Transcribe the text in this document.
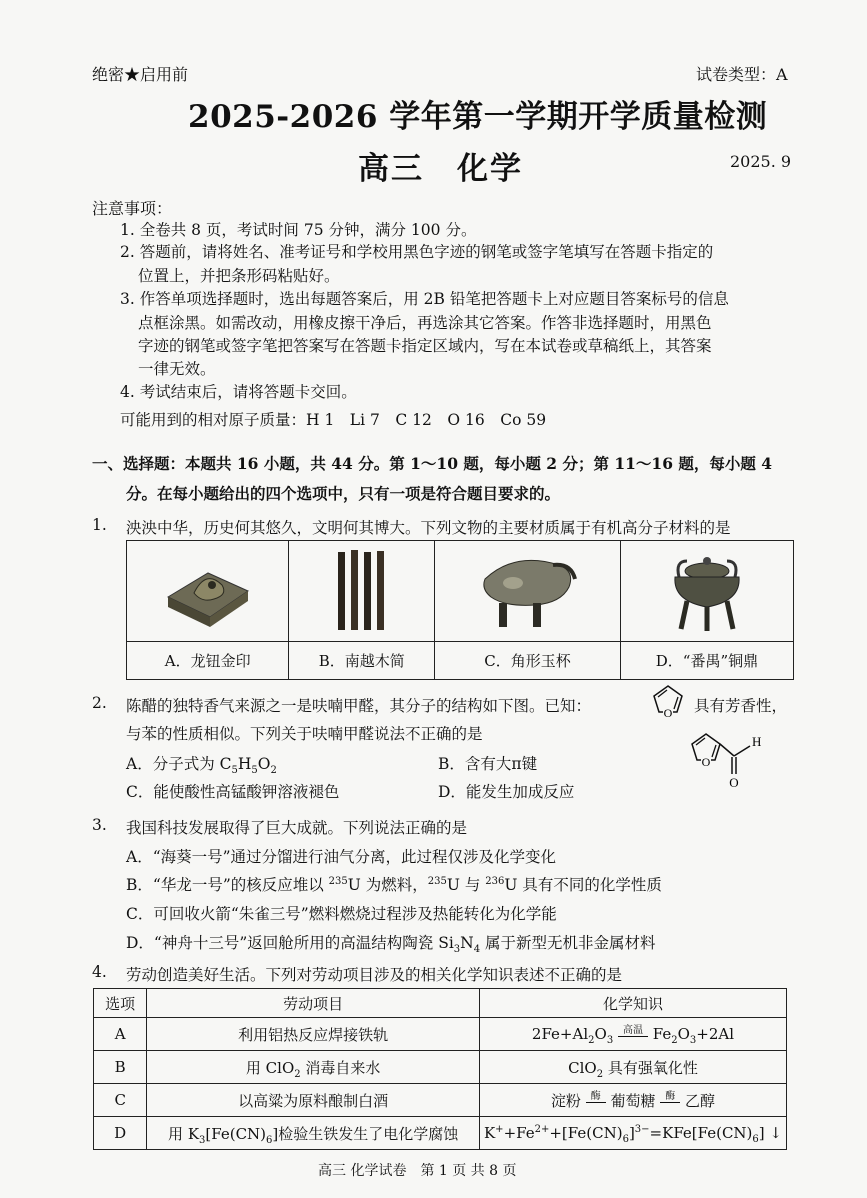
绝密★启用前	试卷类型：A
2025-2026 学年第一学期开学质量检测
高三　化学	2025. 9
注意事项：
1. 全卷共 8 页，考试时间 75 分钟，满分 100 分。
2. 答题前，请将姓名、准考证号和学校用黑色字迹的钢笔或签字笔填写在答题卡指定的
位置上，并把条形码粘贴好。
3. 作答单项选择题时，选出每题答案后，用 2B 铅笔把答题卡上对应题目答案标号的信息
点框涂黑。如需改动，用橡皮擦干净后，再选涂其它答案。作答非选择题时，用黑色
字迹的钢笔或签字笔把答案写在答题卡指定区域内，写在本试卷或草稿纸上，其答案
一律无效。
4. 考试结束后，请将答题卡交回。
可能用到的相对原子质量：H 1　Li 7　C 12　O 16　Co 59
一、选择题：本题共 16 小题，共 44 分。第 1～10 题，每小题 2 分；第 11～16 题，每小题 4
分。在每小题给出的四个选项中，只有一项是符合题目要求的。
1. 泱泱中华，历史何其悠久，文明何其博大。下列文物的主要材质属于有机高分子材料的是

A．龙钮金印	B．南越木简	C．角形玉杯	D．“番禺”铜鼎
2. 陈醋的独特香气来源之一是呋喃甲醛，其分子的结构如下图。已知：	O 具有芳香性，
与苯的性质相似。下列关于呋喃甲醛说法不正确的是
A．分子式为 $C_5H_5O_2$	B．含有大π键
C．能使酸性高锰酸钾溶液褪色	D．能发生加成反应
O
H
O
3. 我国科技发展取得了巨大成就。下列说法正确的是
A．“海葵一号”通过分馏进行油气分离，此过程仅涉及化学变化
B．“华龙一号”的核反应堆以 $^{235}$U 为燃料，$^{235}$U 与 $^{236}$U 具有不同的化学性质
C．可回收火箭“朱雀三号”燃料燃烧过程涉及热能转化为化学能
D．“神舟十三号”返回舱所用的高温结构陶瓷 $Si_3N_4$ 属于新型无机非金属材料
4. 劳动创造美好生活。下列对劳动项目涉及的相关化学知识表述不正确的是
选项	劳动项目	化学知识
A	利用铝热反应焊接铁轨	$2Fe+Al_2O_3$
高温 $Fe_2O_3+2Al$
B	用 ClO$_2$ 消毒自来水	ClO$_2$ 具有强氧化性
C	以高粱为原料酿制白酒	淀粉 酶 葡萄糖 酶 乙醇
D	用 $K_3[Fe(CN)_6]$检验生铁发生了电化学腐蚀	$K^++Fe^{2+}+[Fe(CN)_6]^{3-}=KFe[Fe(CN)_6]$ ↓
高三 化学试卷　第 1 页 共 8 页
